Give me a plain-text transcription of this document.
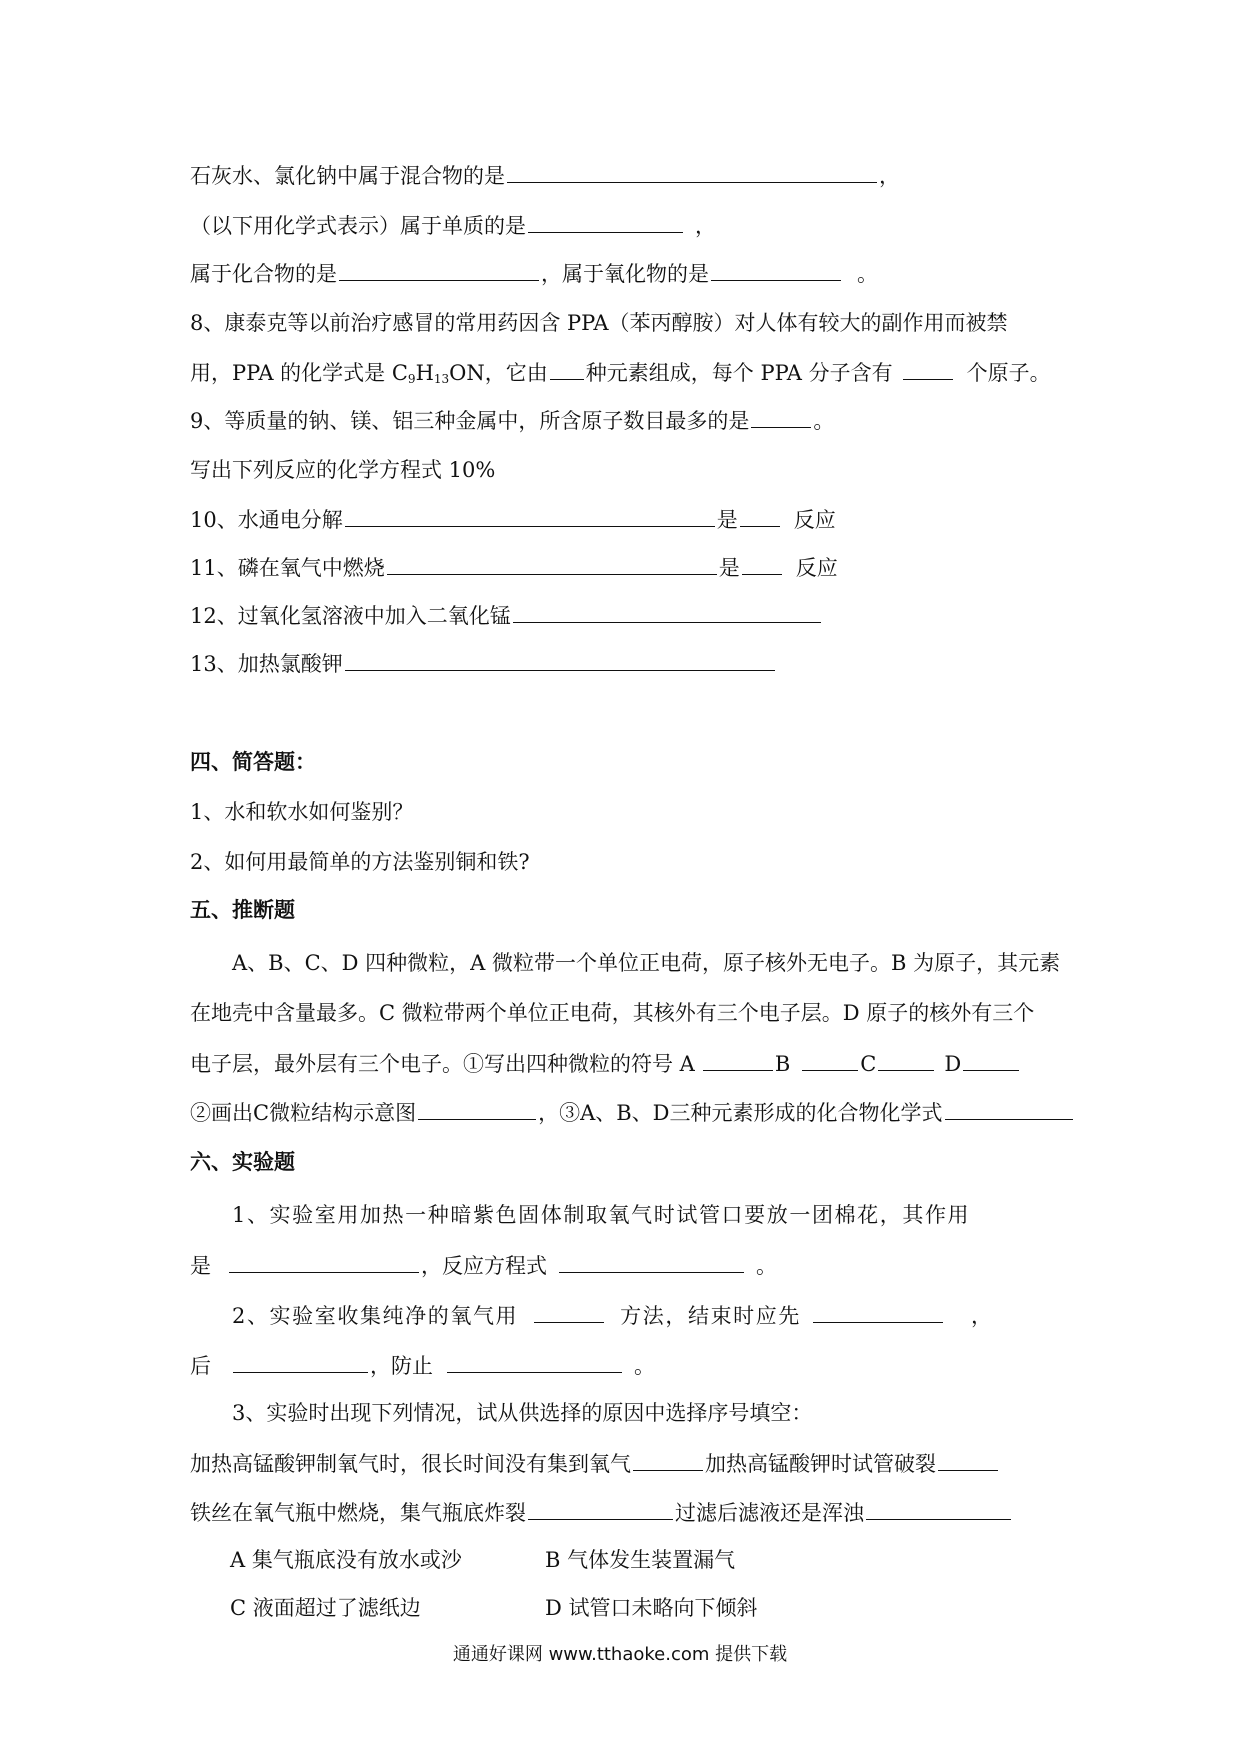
石灰水、氯化钠中属于混合物的是	，
（以下用化学式表示）属于单质的是	，
属于化合物的是	，属于氧化物的是	。
8、康泰克等以前治疗感冒的常用药因含 PPA（苯丙醇胺）对人体有较大的副作用而被禁
用，PPA 的化学式是 $C_9H_{13}ON$，它由 种元素组成，每个 PPA 分子含有	个原子。
9、等质量的钠、镁、铝三种金属中，所含原子数目最多的是	。
写出下列反应的化学方程式 10%
10、水通电分解	是	反应
11、磷在氧气中燃烧	是	反应
12、过氧化氢溶液中加入二氧化锰
13、加热氯酸钾
四、简答题：
1、水和软水如何鉴别？
2、如何用最简单的方法鉴别铜和铁?
五、推断题
A、B、C、D 四种微粒，A 微粒带一个单位正电荷，原子核外无电子。B 为原子，其元素
在地壳中含量最多。C 微粒带两个单位正电荷，其核外有三个电子层。D 原子的核外有三个
电子层，最外层有三个电子。①写出四种微粒的符号 A	B	C	D
②画出C微粒结构示意图	，③A、B、D三种元素形成的化合物化学式
六、实验题
1、实验室用加热一种暗紫色固体制取氧气时试管口要放一团棉花，其作用
是	，反应方程式	。
2、实验室收集纯净的氧气用	方法，结束时应先	，
后	，防止	。
3、实验时出现下列情况，试从供选择的原因中选择序号填空：
加热高锰酸钾制氧气时，很长时间没有集到氧气	加热高锰酸钾时试管破裂
铁丝在氧气瓶中燃烧，集气瓶底炸裂	过滤后滤液还是浑浊
A 集气瓶底没有放水或沙	B 气体发生装置漏气
C 液面超过了滤纸边	D 试管口未略向下倾斜
通通好课网 www.tthaoke.com 提供下载
